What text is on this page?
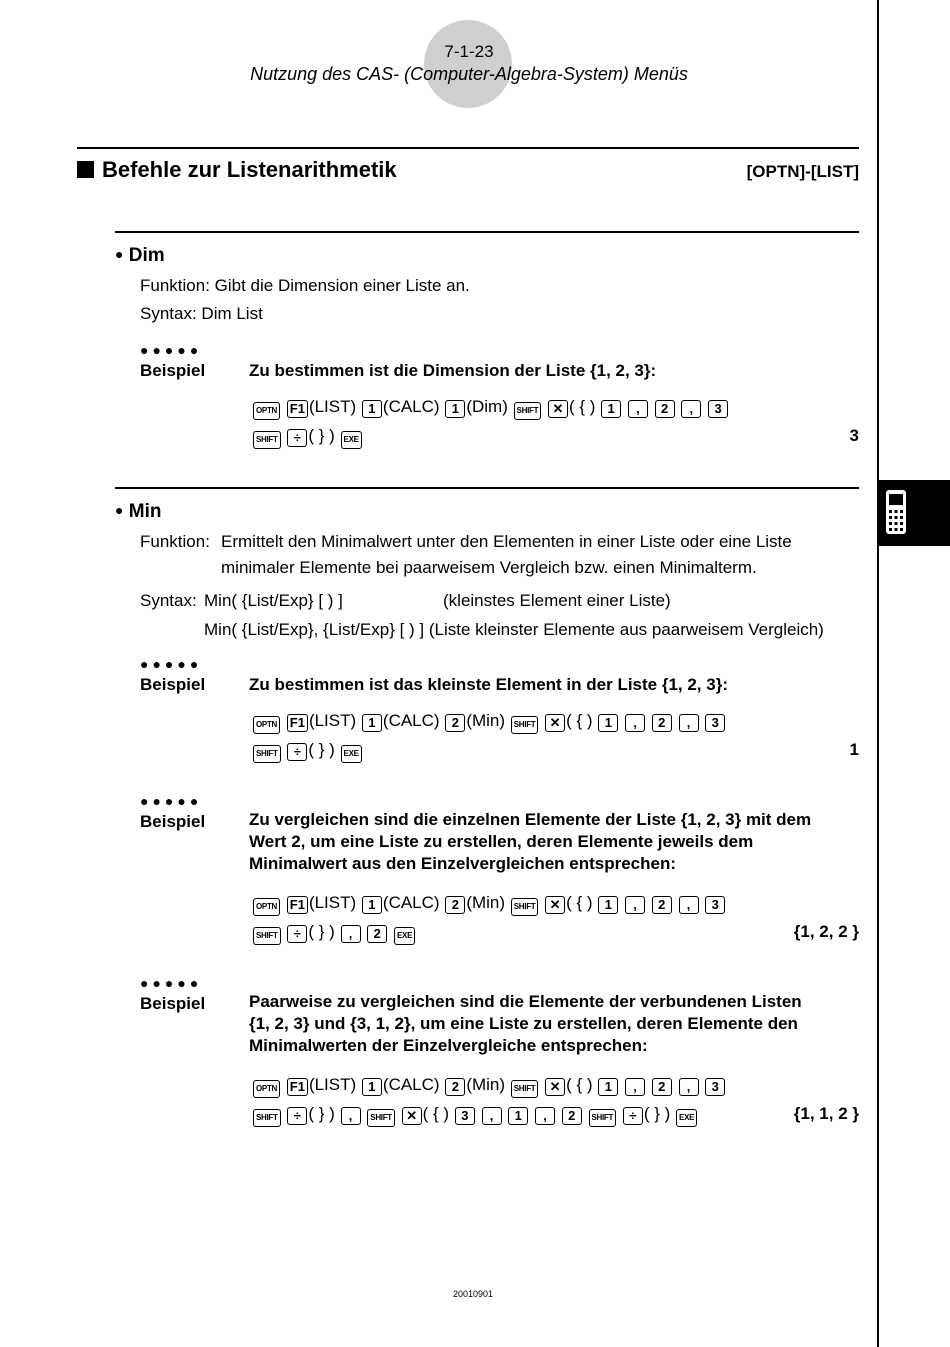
7-1-23
Nutzung des CAS- (Computer-Algebra-System) Menüs
Befehle zur Listenarithmetik	[OPTN]-[LIST]
● Dim
Funktion: Gibt die Dimension einer Liste an.
Syntax: Dim List
●●●●●
Beispiel	Zu bestimmen ist die Dimension der Liste {1, 2, 3}:
OPTN F1 (LIST) 1 (CALC) 1 (Dim) SHIFT ✕ ( { ) 1 , 2 , 3
SHIFT ÷ ( } ) EXE	3
● Min
Funktion: Ermittelt den Minimalwert unter den Elementen in einer Liste oder eine Liste
minimaler Elemente bei paarweisem Vergleich bzw. einen Minimalterm.
Syntax: Min( {List/Exp} [ ) ]	(kleinstes Element einer Liste)
Min( {List/Exp}, {List/Exp} [ ) ] (Liste kleinster Elemente aus paarweisem Vergleich)
●●●●●
Beispiel	Zu bestimmen ist das kleinste Element in der Liste {1, 2, 3}:
OPTN F1 (LIST) 1 (CALC) 2 (Min) SHIFT ✕ ( { ) 1 , 2 , 3
SHIFT ÷ ( } ) EXE	1
●●●●●
Beispiel	Zu vergleichen sind die einzelnen Elemente der Liste {1, 2, 3} mit dem
Wert 2, um eine Liste zu erstellen, deren Elemente jeweils dem
Minimalwert aus den Einzelvergleichen entsprechen:
OPTN F1 (LIST) 1 (CALC) 2 (Min) SHIFT ✕ ( { ) 1 , 2 , 3
SHIFT ÷ ( } ) , 2 EXE	{1, 2, 2 }
●●●●●
Beispiel	Paarweise zu vergleichen sind die Elemente der verbundenen Listen
{1, 2, 3} und {3, 1, 2}, um eine Liste zu erstellen, deren Elemente den
Minimalwerten der Einzelvergleiche entsprechen:
OPTN F1 (LIST) 1 (CALC) 2 (Min) SHIFT ✕ ( { ) 1 , 2 , 3
SHIFT ÷ ( } ) , SHIFT ✕ ( { ) 3 , 1 , 2 SHIFT ÷ ( } ) EXE	{1, 1, 2 }
20010901
